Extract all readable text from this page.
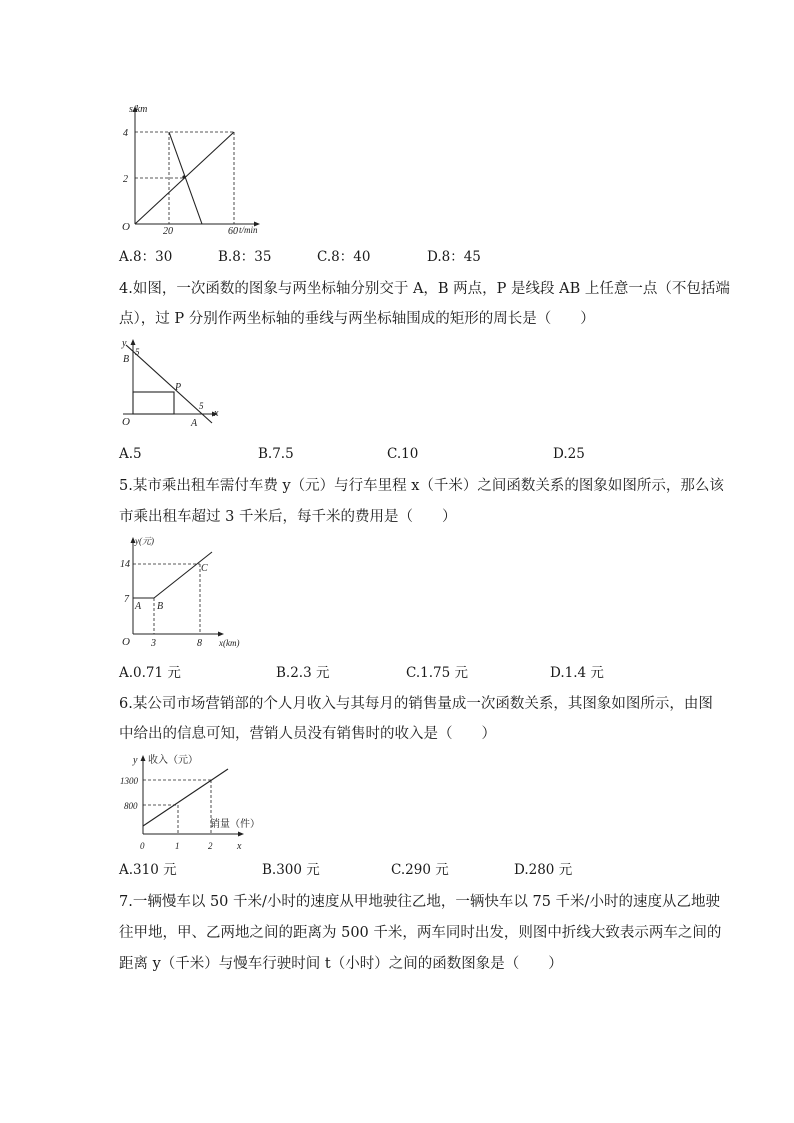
s/km
4
2
O	20	60 t/min
A.8：30	B.8：35	C.8：40	D.8：45
4.如图，一次函数的图象与两坐标轴分别交于 A，B 两点，P 是线段 AB 上任意一点（不包括端
点），过 P 分别作两坐标轴的垂线与两坐标轴围成的矩形的周长是（　　）
y
5
B
P
5
x
O	A
A.5	B.7.5	C.10	D.25
5.某市乘出租车需付车费 y（元）与行车里程 x（千米）之间函数关系的图象如图所示，那么该
市乘出租车超过 3 千米后，每千米的费用是（　　）
y(元)
14
7
A B
C
O 3	8 x(km)
A.0.71 元	B.2.3 元	C.1.75 元	D.1.4 元
6.某公司市场营销部的个人月收入与其每月的销售量成一次函数关系，其图象如图所示，由图
中给出的信息可知，营销人员没有销售时的收入是（　　）
y 收入（元）
1300
800
销量（件）
0	1	2 x
A.310 元	B.300 元	C.290 元	D.280 元
7.一辆慢车以 50 千米/小时的速度从甲地驶往乙地，一辆快车以 75 千米/小时的速度从乙地驶
往甲地，甲、乙两地之间的距离为 500 千米，两车同时出发，则图中折线大致表示两车之间的
距离 y（千米）与慢车行驶时间 t（小时）之间的函数图象是（　　）
